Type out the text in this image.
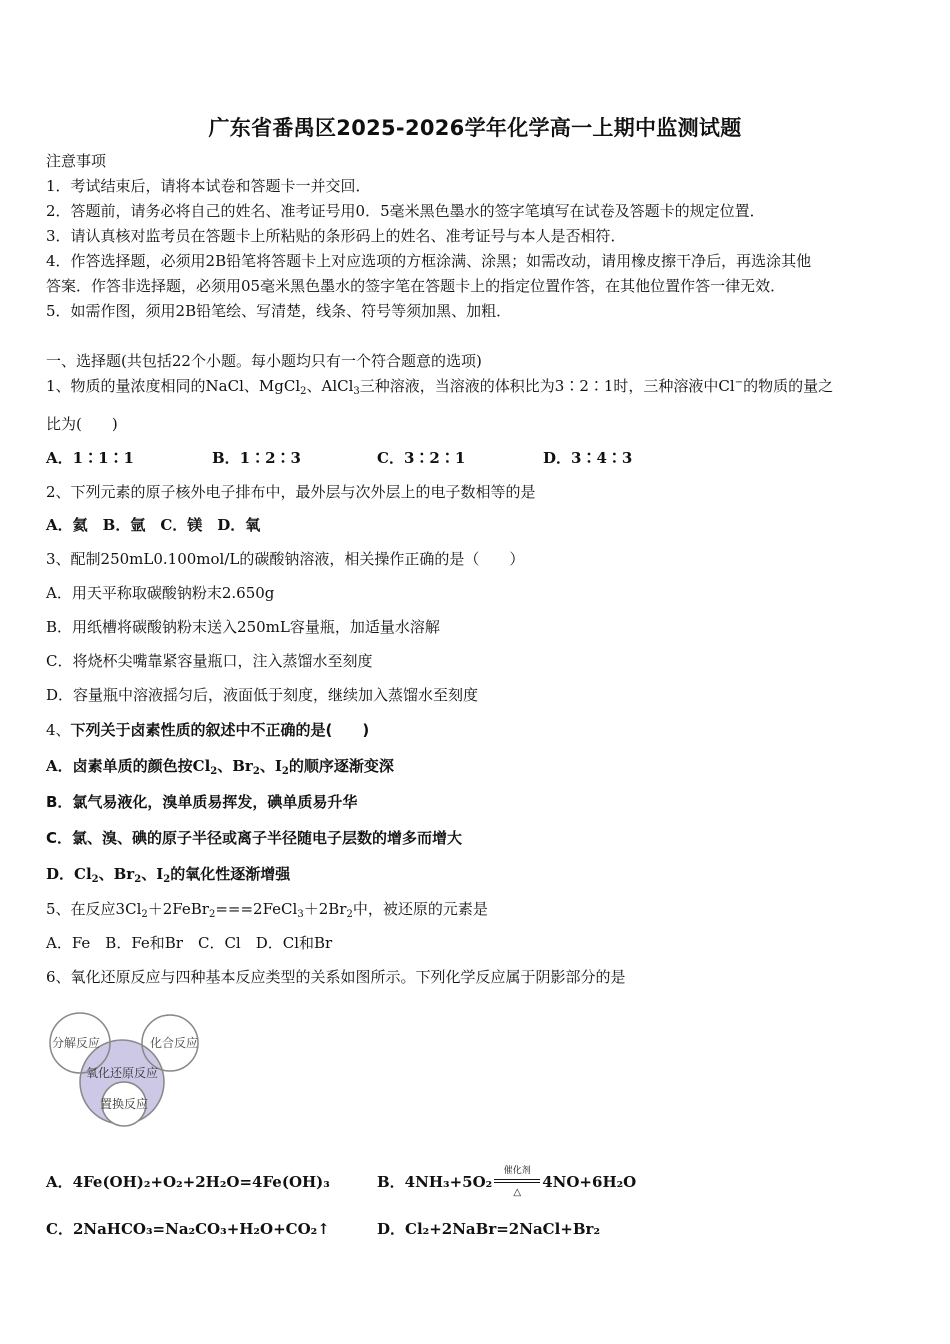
广东省番禺区2025-2026学年化学高一上期中监测试题
注意事项
1．考试结束后，请将本试卷和答题卡一并交回．
2．答题前，请务必将自己的姓名、准考证号用0．5毫米黑色墨水的签字笔填写在试卷及答题卡的规定位置．
3．请认真核对监考员在答题卡上所粘贴的条形码上的姓名、准考证号与本人是否相符．
4．作答选择题，必须用2B铅笔将答题卡上对应选项的方框涂满、涂黑；如需改动，请用橡皮擦干净后，再选涂其他
答案．作答非选择题，必须用05毫米黑色墨水的签字笔在答题卡上的指定位置作答，在其他位置作答一律无效．
5．如需作图，须用2B铅笔绘、写清楚，线条、符号等须加黑、加粗．
一、选择题(共包括22个小题。每小题均只有一个符合题意的选项)
1、物质的量浓度相同的NaCl、MgCl$_2$、AlCl$_3$三种溶液，当溶液的体积比为3∶2∶1时，三种溶液中Cl−的物质的量之
比为(　　)
A．1∶1∶1	B．1∶2∶3	C．3∶2∶1	D．3∶4∶3
2、下列元素的原子核外电子排布中，最外层与次外层上的电子数相等的是
A．氦　B．氩　C．镁　D．氧
3、配制250mL0.100mol/L的碳酸钠溶液，相关操作正确的是（　　）
A．用天平称取碳酸钠粉末2.650g
B．用纸槽将碳酸钠粉末送入250mL容量瓶，加适量水溶解
C．将烧杯尖嘴靠紧容量瓶口，注入蒸馏水至刻度
D．容量瓶中溶液摇匀后，液面低于刻度，继续加入蒸馏水至刻度
4、下列关于卤素性质的叙述中不正确的是(　　)
A．卤素单质的颜色按$Cl_2$、$Br_2$、$I_2$的顺序逐渐变深
B．氯气易液化，溴单质易挥发，碘单质易升华
C．氯、溴、碘的原子半径或离子半径随电子层数的增多而增大
D．$Cl_2$、$Br_2$、$I_2$的氧化性逐渐增强
5、在反应$3Cl_2+2FeBr_2===2FeCl_3+2Br_2$中，被还原的元素是
A．Fe　B．Fe和Br　C．Cl　D．Cl和Br
6、氧化还原反应与四种基本反应类型的关系如图所示。下列化学反应属于阴影部分的是
分解反应	化合反应
氧化还原反应
置换反应
A．4Fe(OH)₂+O₂+2H₂O=4Fe(OH)₃	B．4NH₃+5O₂
催化剂
△
4NO+6H₂O
C．2NaHCO₃=Na₂CO₃+H₂O+CO₂↑	D．Cl₂+2NaBr=2NaCl+Br₂
